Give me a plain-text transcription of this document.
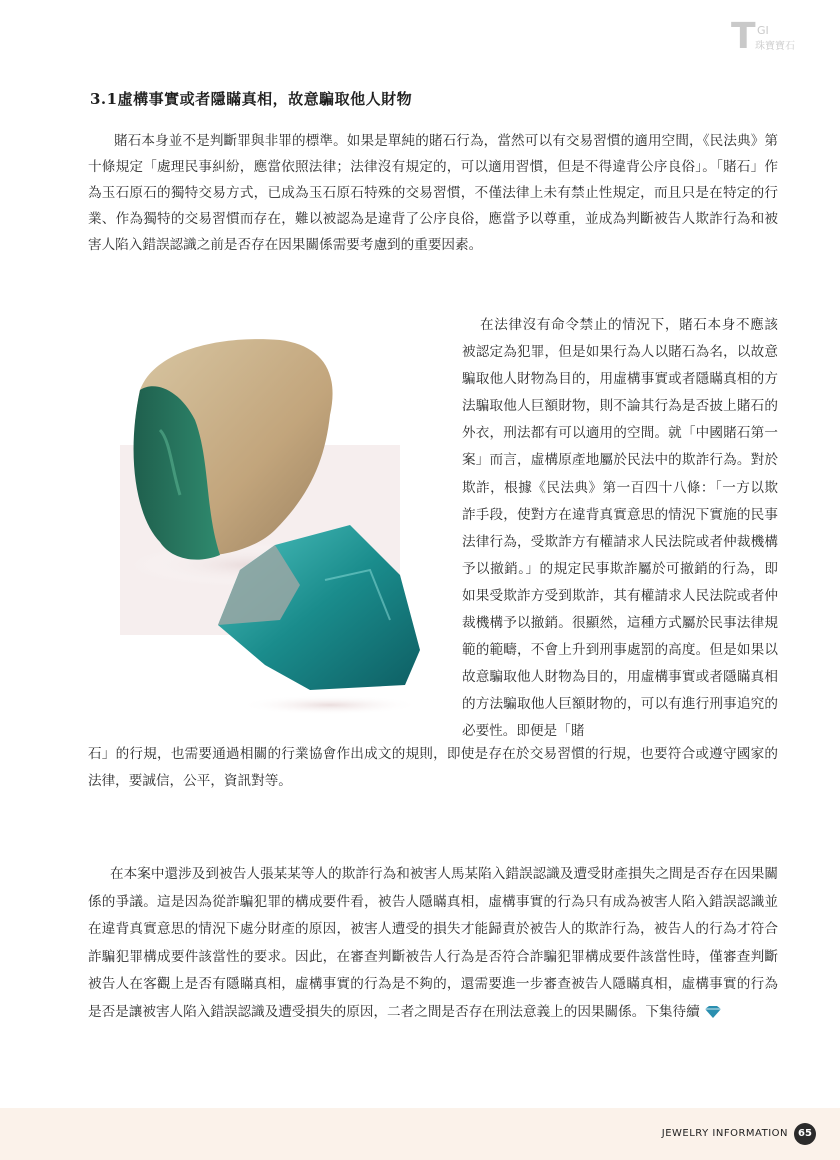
T GI
珠寶寶石
3.1虛構事實或者隱瞞真相，故意騙取他人財物

賭石本身並不是判斷罪與非罪的標準。如果是單純的賭石行為，當然可以有交易習慣的適用空間，《民法典》第十條規定「處理民事糾紛，應當依照法律；法律沒有規定的，可以適用習慣，但是不得違背公序良俗」。「賭石」作為玉石原石的獨特交易方式，已成為玉石原石特殊的交易習慣，不僅法律上未有禁止性規定，而且只是在特定的行業、作為獨特的交易習慣而存在，難以被認為是違背了公序良俗，應當予以尊重，並成為判斷被告人欺詐行為和被害人陷入錯誤認識之前是否存在因果關係需要考慮到的重要因素。

在法律沒有命令禁止的情況下，賭石本身不應該被認定為犯罪，但是如果行為人以賭石為名，以故意騙取他人財物為目的，用虛構事實或者隱瞞真相的方法騙取他人巨額財物，則不論其行為是否披上賭石的外衣，刑法都有可以適用的空間。就「中國賭石第一案」而言，虛構原產地屬於民法中的欺詐行為。對於欺詐，根據《民法典》第一百四十八條：「一方以欺詐手段，使對方在違背真實意思的情況下實施的民事法律行為，受欺詐方有權請求人民法院或者仲裁機構予以撤銷。」的規定民事欺詐屬於可撤銷的行為，即如果受欺詐方受到欺詐，其有權請求人民法院或者仲裁機構予以撤銷。很顯然，這種方式屬於民事法律規範的範疇，不會上升到刑事處罰的高度。但是如果以故意騙取他人財物為目的，用虛構事實或者隱瞞真相的方法騙取他人巨額財物的，可以有進行刑事追究的必要性。即便是「賭

石」的行規，也需要通過相關的行業協會作出成文的規則，即使是存在於交易習慣的行規，也要符合或遵守國家的法律，要誠信，公平，資訊對等。

在本案中還涉及到被告人張某某等人的欺詐行為和被害人馬某陷入錯誤認識及遭受財產損失之間是否存在因果關係的爭議。這是因為從詐騙犯罪的構成要件看，被告人隱瞞真相，虛構事實的行為只有成為被害人陷入錯誤認識並在違背真實意思的情況下處分財產的原因，被害人遭受的損失才能歸責於被告人的欺詐行為，被告人的行為才符合詐騙犯罪構成要件該當性的要求。因此，在審查判斷被告人行為是否符合詐騙犯罪構成要件該當性時，僅審查判斷被告人在客觀上是否有隱瞞真相，虛構事實的行為是不夠的，還需要進一步審查被告人隱瞞真相，虛構事實的行為是否是讓被害人陷入錯誤認識及遭受損失的原因，二者之間是否存在刑法意義上的因果關係。下集待續

JEWELRY INFORMATION	65
